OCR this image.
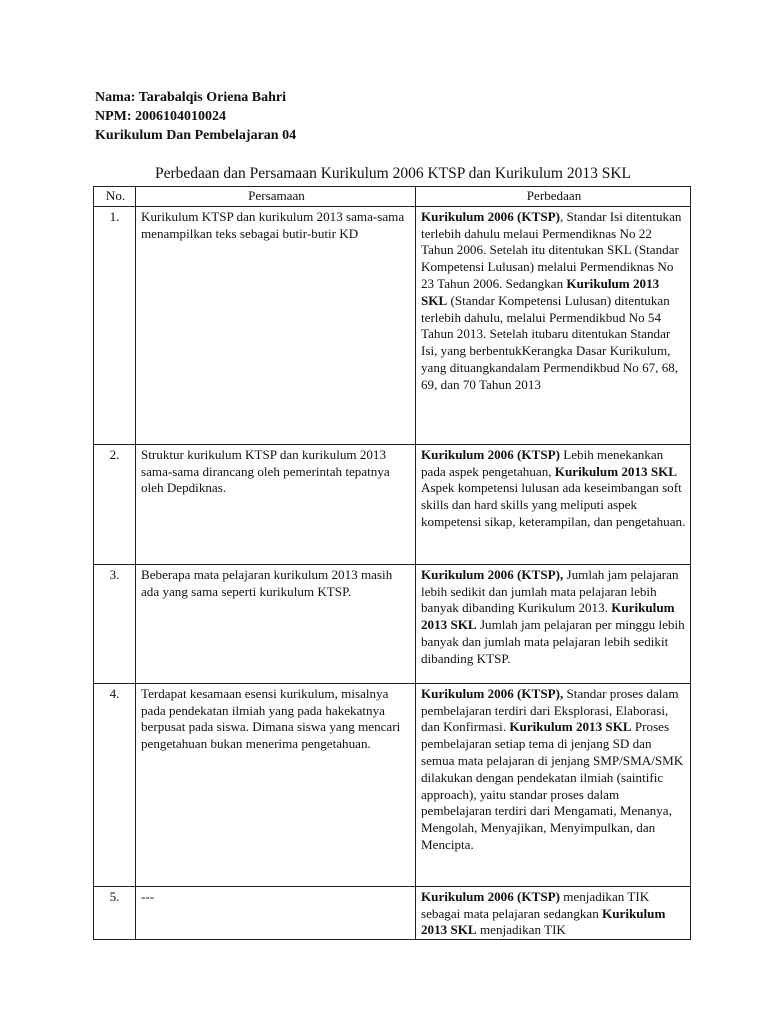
Nama: Tarabalqis Oriena Bahri
NPM: 2006104010024
Kurikulum Dan Pembelajaran 04
Perbedaan dan Persamaan Kurikulum 2006 KTSP dan Kurikulum 2013 SKL
No.	Persamaan	Perbedaan
1.	Kurikulum KTSP dan kurikulum 2013 sama-sama menampilkan teks sebagai butir-butir KD	Kurikulum 2006 (KTSP), Standar Isi ditentukan terlebih dahulu melaui Permendiknas No 22 Tahun 2006. Setelah itu ditentukan SKL (Standar Kompetensi Lulusan) melalui Permendiknas No 23 Tahun 2006. Sedangkan Kurikulum 2013 SKL (Standar Kompetensi Lulusan) ditentukan terlebih dahulu, melalui Permendikbud No 54 Tahun 2013. Setelah itubaru ditentukan Standar Isi, yang berbentukKerangka Dasar Kurikulum, yang dituangkandalam Permendikbud No 67, 68, 69, dan 70 Tahun 2013
2.	Struktur kurikulum KTSP dan kurikulum 2013 sama-sama dirancang oleh pemerintah tepatnya oleh Depdiknas.	Kurikulum 2006 (KTSP) Lebih menekankan pada aspek pengetahuan, Kurikulum 2013 SKL Aspek kompetensi lulusan ada keseimbangan soft skills dan hard skills yang meliputi aspek kompetensi sikap, keterampilan, dan pengetahuan.
3.	Beberapa mata pelajaran kurikulum 2013 masih ada yang sama seperti kurikulum KTSP.	Kurikulum 2006 (KTSP), Jumlah jam pelajaran lebih sedikit dan jumlah mata pelajaran lebih banyak dibanding Kurikulum 2013. Kurikulum 2013 SKL Jumlah jam pelajaran per minggu lebih banyak dan jumlah mata pelajaran lebih sedikit dibanding KTSP.
4.	Terdapat kesamaan esensi kurikulum, misalnya pada pendekatan ilmiah yang pada hakekatnya berpusat pada siswa. Dimana siswa yang mencari pengetahuan bukan menerima pengetahuan.	Kurikulum 2006 (KTSP), Standar proses dalam pembelajaran terdiri dari Eksplorasi, Elaborasi, dan Konfirmasi. Kurikulum 2013 SKL Proses pembelajaran setiap tema di jenjang SD dan semua mata pelajaran di jenjang SMP/SMA/SMK dilakukan dengan pendekatan ilmiah (saintific approach), yaitu standar proses dalam pembelajaran terdiri dari Mengamati, Menanya, Mengolah, Menyajikan, Menyimpulkan, dan Mencipta.
5.	---	Kurikulum 2006 (KTSP) menjadikan TIK sebagai mata pelajaran sedangkan Kurikulum 2013 SKL menjadikan TIK
